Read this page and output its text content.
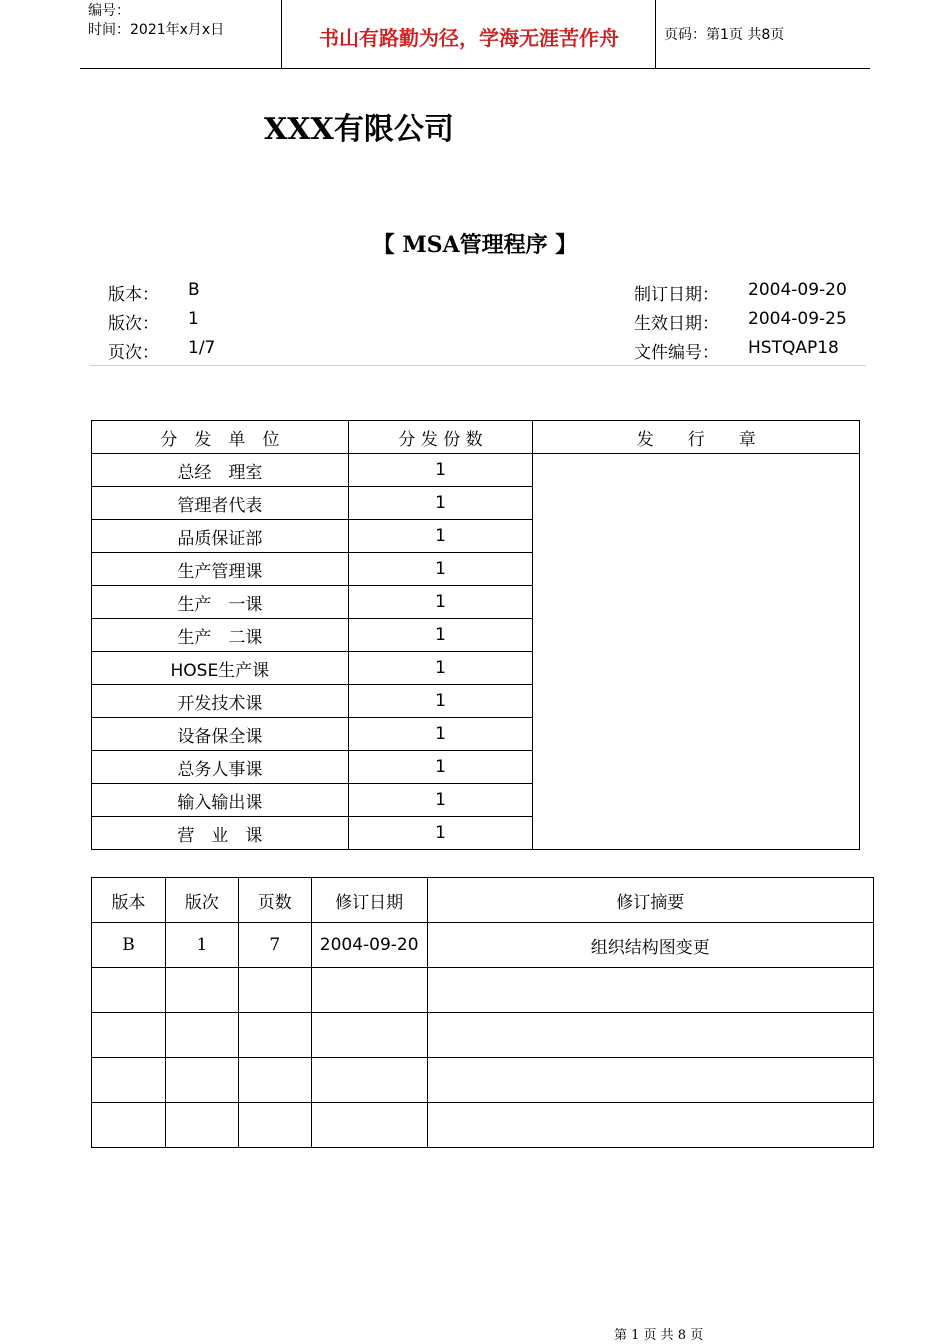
编号：
时间：2021年x月x日	书山有路勤为径，学海无涯苦作舟	页码：第1页 共8页
XXX有限公司
【 MSA管理程序 】
版本： B
版次： 1
页次： 1/7
制订日期： 2004-09-20
生效日期： 2004-09-25
文件编号： HSTQAP18
分　发　单　位	分 发 份 数	发　　行　　章
总经　理室	1	
管理者代表	1	
品质保证部	1	
生产管理课	1	
生产　一课	1	
生产　二课	1	
HOSE生产课	1	
开发技术课	1	
设备保全课	1	
总务人事课	1	
输入输出课	1	
营　业　课	1	
版本	版次	页数	修订日期	修订摘要
B	1	7	2004-09-20	组织结构图变更

第 1 页 共 8 页
